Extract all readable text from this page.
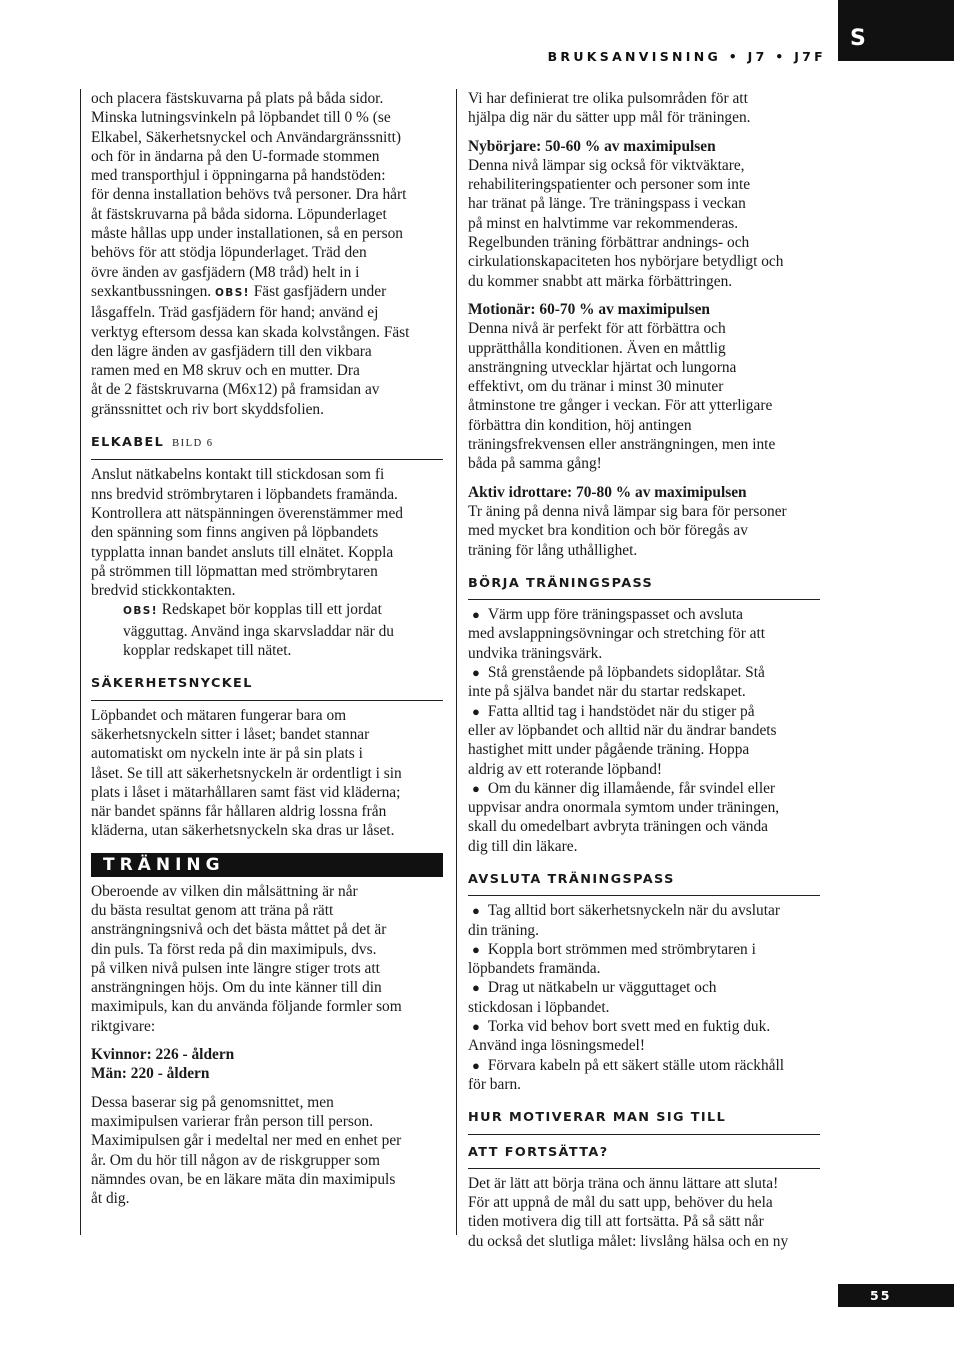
BRUKSANVISNING • J7 • J7F
S

och placera fästskuvarna på plats på båda sidor.
Minska lutningsvinkeln på löpbandet till 0 % (se
Elkabel, Säkerhetsnyckel och Användargränssnitt)
och för in ändarna på den U-formade stommen
med transporthjul i öppningarna på handstöden:
för denna installation behövs två personer. Dra hårt
åt fästskruvarna på båda sidorna. Löpunderlaget
måste hållas upp under installationen, så en person
behövs för att stödja löpunderlaget. Träd den
övre änden av gasfjädern (M8 tråd) helt in i
sexkantbussningen. OBS! Fäst gasfjädern under
låsgaffeln. Träd gasfjädern för hand; använd ej
verktyg eftersom dessa kan skada kolvstången. Fäst
den lägre änden av gasfjädern till den vikbara
ramen med en M8 skruv och en mutter. Dra
åt de 2 fästskruvarna (M6x12) på framsidan av
gränssnittet och riv bort skyddsfolien.

ELKABEL BILD 6

Anslut nätkabelns kontakt till stickdosan som fi
nns bredvid strömbrytaren i löpbandets framända.
Kontrollera att nätspänningen överenstämmer med
den spänning som finns angiven på löpbandets
typplatta innan bandet ansluts till elnätet. Koppla
på strömmen till löpmattan med strömbrytaren
bredvid stickkontakten.

OBS! Redskapet bör kopplas till ett jordat
vägguttag. Använd inga skarvsladdar när du
kopplar redskapet till nätet.

SÄKERHETSNYCKEL

Löpbandet och mätaren fungerar bara om
säkerhetsnyckeln sitter i låset; bandet stannar
automatiskt om nyckeln inte är på sin plats i
låset. Se till att säkerhetsnyckeln är ordentligt i sin
plats i låset i mätarhållaren samt fäst vid kläderna;
när bandet spänns får hållaren aldrig lossna från
kläderna, utan säkerhetsnyckeln ska dras ur låset.

TRÄNING

Oberoende av vilken din målsättning är når
du bästa resultat genom att träna på rätt
ansträngningsnivå och det bästa måttet på det är
din puls. Ta först reda på din maximipuls, dvs.
på vilken nivå pulsen inte längre stiger trots att
ansträngningen höjs. Om du inte känner till din
maximipuls, kan du använda följande formler som
riktgivare:

Kvinnor: 226 - åldern

Män: 220 - åldern

Dessa baserar sig på genomsnittet, men
maximipulsen varierar från person till person.
Maximipulsen går i medeltal ner med en enhet per
år. Om du hör till någon av de riskgrupper som
nämndes ovan, be en läkare mäta din maximipuls
åt dig.

Vi har definierat tre olika pulsområden för att
hjälpa dig när du sätter upp mål för träningen.

Nybörjare: 50-60 % av maximipulsen

Denna nivå lämpar sig också för viktväktare,
rehabiliteringspatienter och personer som inte
har tränat på länge. Tre träningspass i veckan
på minst en halvtimme var rekommenderas.
Regelbunden träning förbättrar andnings- och
cirkulationskapaciteten hos nybörjare betydligt och
du kommer snabbt att märka förbättringen.

Motionär: 60-70 % av maximipulsen

Denna nivå är perfekt för att förbättra och
upprätthålla konditionen. Även en måttlig
ansträngning utvecklar hjärtat och lungorna
effektivt, om du tränar i minst 30 minuter
åtminstone tre gånger i veckan. För att ytterligare
förbättra din kondition, höj antingen
träningsfrekvensen eller ansträngningen, men inte
båda på samma gång!

Aktiv idrottare: 70-80 % av maximipulsen

Tr äning på denna nivå lämpar sig bara för personer
med mycket bra kondition och bör föregås av
träning för lång uthållighet.

BÖRJA TRÄNINGSPASS

● Värm upp före träningspasset och avsluta
med avslappningsövningar och stretching för att
undvika träningsvärk.

● Stå grenstående på löpbandets sidoplåtar. Stå
inte på själva bandet när du startar redskapet.

● Fatta alltid tag i handstödet när du stiger på
eller av löpbandet och alltid när du ändrar bandets
hastighet mitt under pågående träning. Hoppa
aldrig av ett roterande löpband!

● Om du känner dig illamående, får svindel eller
uppvisar andra onormala symtom under träningen,
skall du omedelbart avbryta träningen och vända
dig till din läkare.

AVSLUTA TRÄNINGSPASS

● Tag alltid bort säkerhetsnyckeln när du avslutar
din träning.

● Koppla bort strömmen med strömbrytaren i
löpbandets framända.

● Drag ut nätkabeln ur vägguttaget och
stickdosan i löpbandet.

● Torka vid behov bort svett med en fuktig duk.
Använd inga lösningsmedel!

● Förvara kabeln på ett säkert ställe utom räckhåll
för barn.

HUR MOTIVERAR MAN SIG TILL
ATT FORTSÄTTA?

Det är lätt att börja träna och ännu lättare att sluta!
För att uppnå de mål du satt upp, behöver du hela
tiden motivera dig till att fortsätta. På så sätt når
du också det slutliga målet: livslång hälsa och en ny

55
